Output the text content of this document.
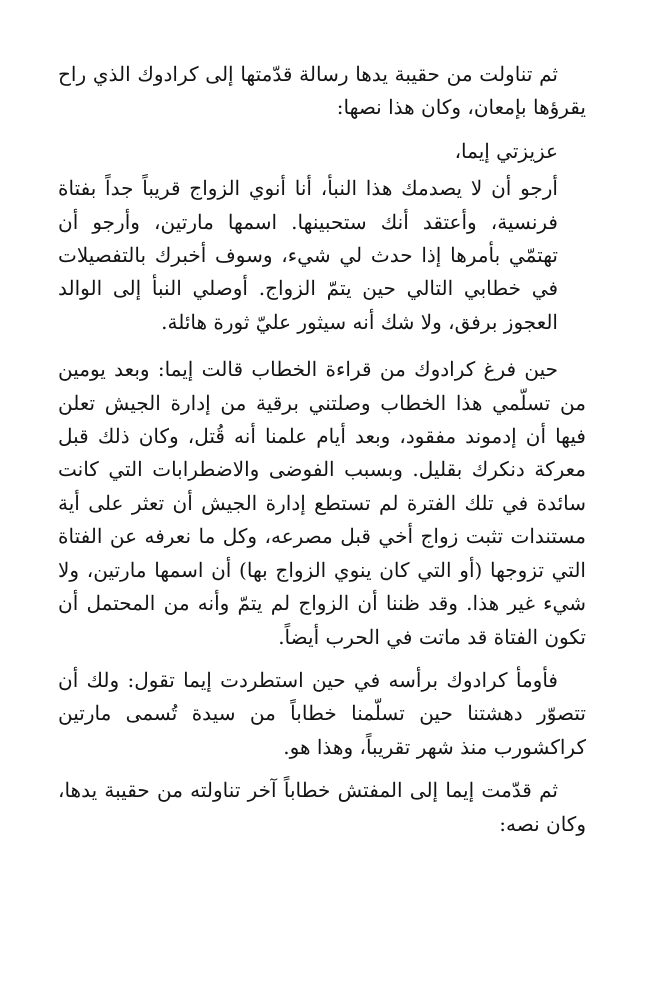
ثم تناولت من حقيبة يدها رسالة قدّمتها إلى كرادوك الذي راح يقرؤها بإمعان، وكان هذا نصها:

عزيزتي إيما،

أرجو أن لا يصدمك هذا النبأ، أنا أنوي الزواج قريباً جداً بفتاة فرنسية، وأعتقد أنك ستحبينها. اسمها مارتين، وأرجو أن تهتمّي بأمرها إذا حدث لي شيء، وسوف أخبرك بالتفصيلات في خطابي التالي حين يتمّ الزواج. أوصلي النبأ إلى الوالد العجوز برفق، ولا شك أنه سيثور عليّ ثورة هائلة.

حين فرغ كرادوك من قراءة الخطاب قالت إيما: وبعد يومين من تسلّمي هذا الخطاب وصلتني برقية من إدارة الجيش تعلن فيها أن إدموند مفقود، وبعد أيام علمنا أنه قُتل، وكان ذلك قبل معركة دنكرك بقليل. وبسبب الفوضى والاضطرابات التي كانت سائدة في تلك الفترة لم تستطع إدارة الجيش أن تعثر على أية مستندات تثبت زواج أخي قبل مصرعه، وكل ما نعرفه عن الفتاة التي تزوجها (أو التي كان ينوي الزواج بها) أن اسمها مارتين، ولا شيء غير هذا. وقد ظننا أن الزواج لم يتمّ وأنه من المحتمل أن تكون الفتاة قد ماتت في الحرب أيضاً.

فأومأ كرادوك برأسه في حين استطردت إيما تقول: ولك أن تتصوّر دهشتنا حين تسلّمنا خطاباً من سيدة تُسمى مارتين كراكشورب منذ شهر تقريباً، وهذا هو.

ثم قدّمت إيما إلى المفتش خطاباً آخر تناولته من حقيبة يدها، وكان نصه:
